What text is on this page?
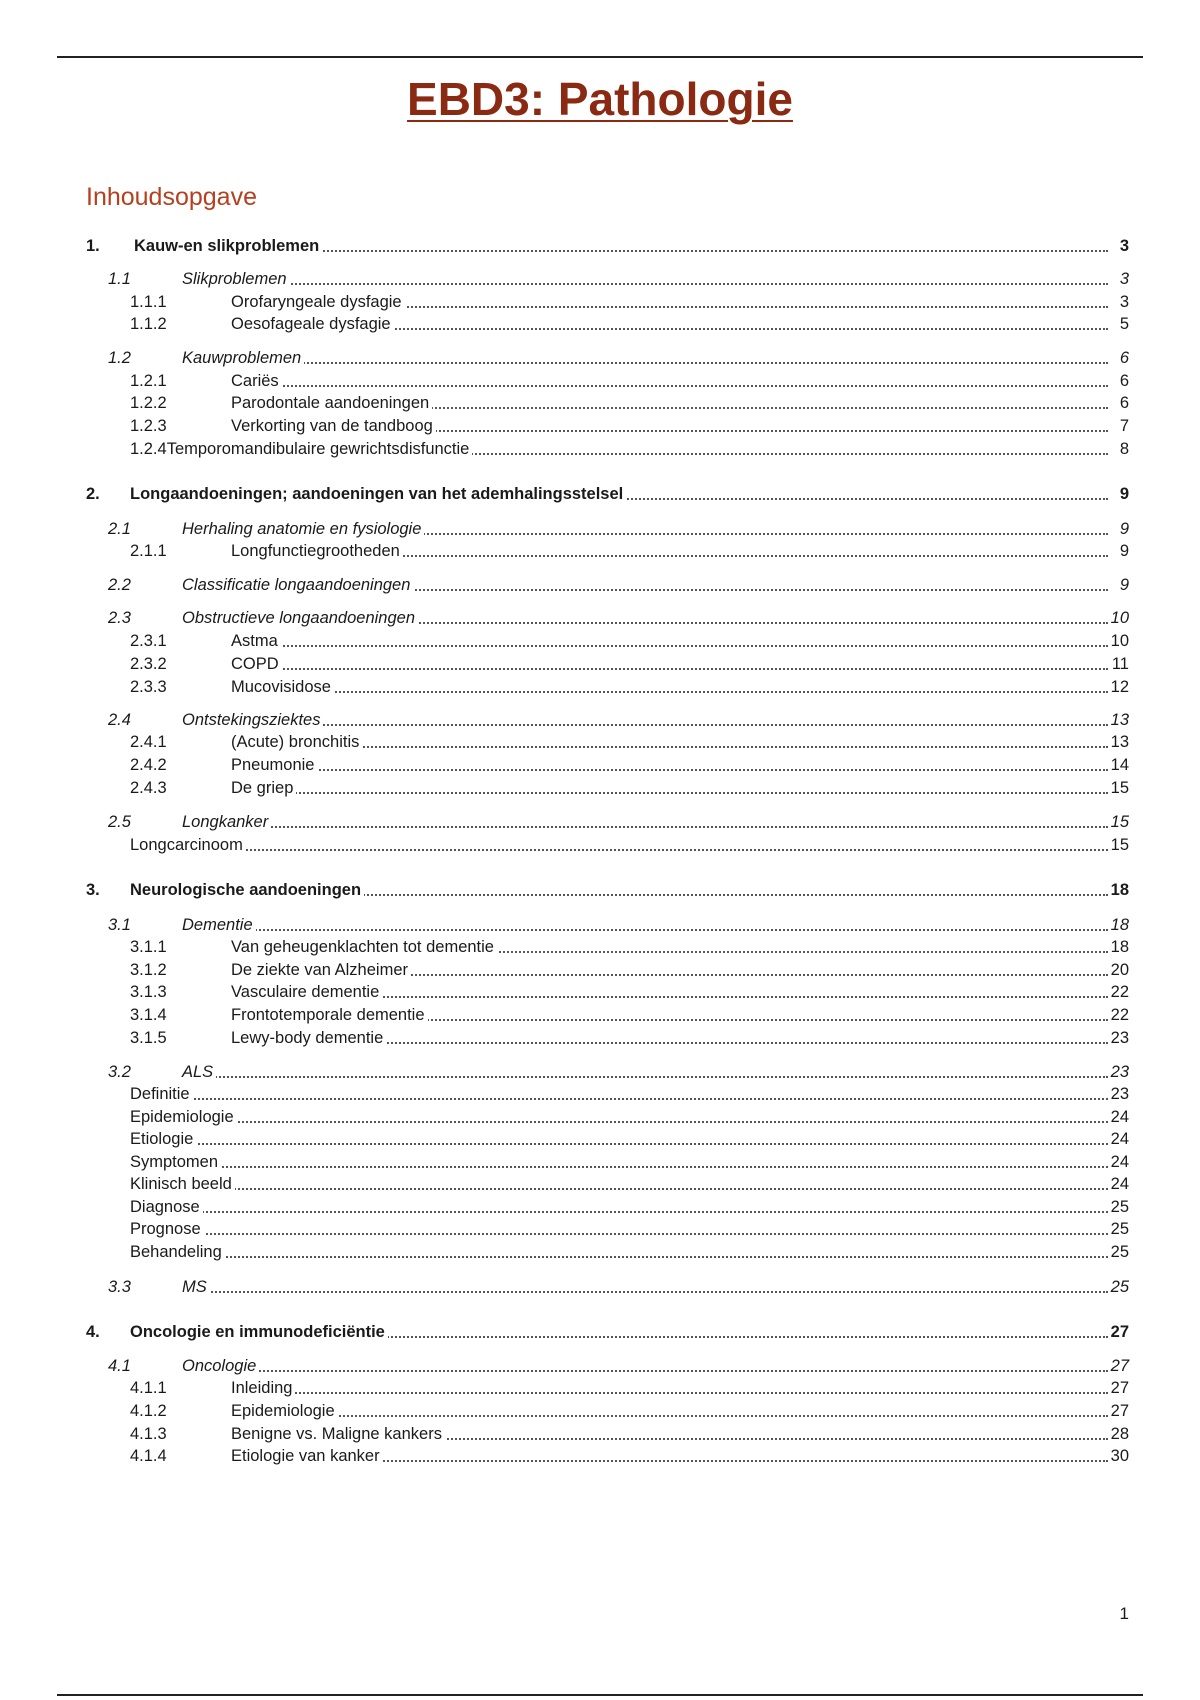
EBD3: Pathologie
Inhoudsopgave
1. Kauw-en slikproblemen	3
1.1	Slikproblemen	3
1.1.1	Orofaryngeale dysfagie	3
1.1.2	Oesofageale dysfagie	5
1.2	Kauwproblemen	6
1.2.1	Cariës	6
1.2.2	Parodontale aandoeningen	6
1.2.3	Verkorting van de tandboog	7
1.2.4Temporomandibulaire gewrichtsdisfunctie	8
2. Longaandoeningen; aandoeningen van het ademhalingsstelsel	9
2.1	Herhaling anatomie en fysiologie	9
2.1.1	Longfunctiegrootheden	9
2.2	Classificatie longaandoeningen	9
2.3	Obstructieve longaandoeningen	10
2.3.1	Astma	10
2.3.2	COPD	11
2.3.3	Mucovisidose	12
2.4	Ontstekingsziektes	13
2.4.1	(Acute) bronchitis	13
2.4.2	Pneumonie	14
2.4.3	De griep	15
2.5	Longkanker	15
Longcarcinoom	15
3. Neurologische aandoeningen	18
3.1	Dementie	18
3.1.1	Van geheugenklachten tot dementie	18
3.1.2	De ziekte van Alzheimer	20
3.1.3	Vasculaire dementie	22
3.1.4	Frontotemporale dementie	22
3.1.5	Lewy-body dementie	23
3.2	ALS	23
Definitie	23
Epidemiologie	24
Etiologie	24
Symptomen	24
Klinisch beeld	24
Diagnose	25
Prognose	25
Behandeling	25
3.3	MS	25
4. Oncologie en immunodeficiëntie	27
4.1	Oncologie	27
4.1.1	Inleiding	27
4.1.2	Epidemiologie	27
4.1.3	Benigne vs. Maligne kankers	28
4.1.4	Etiologie van kanker	30
1
